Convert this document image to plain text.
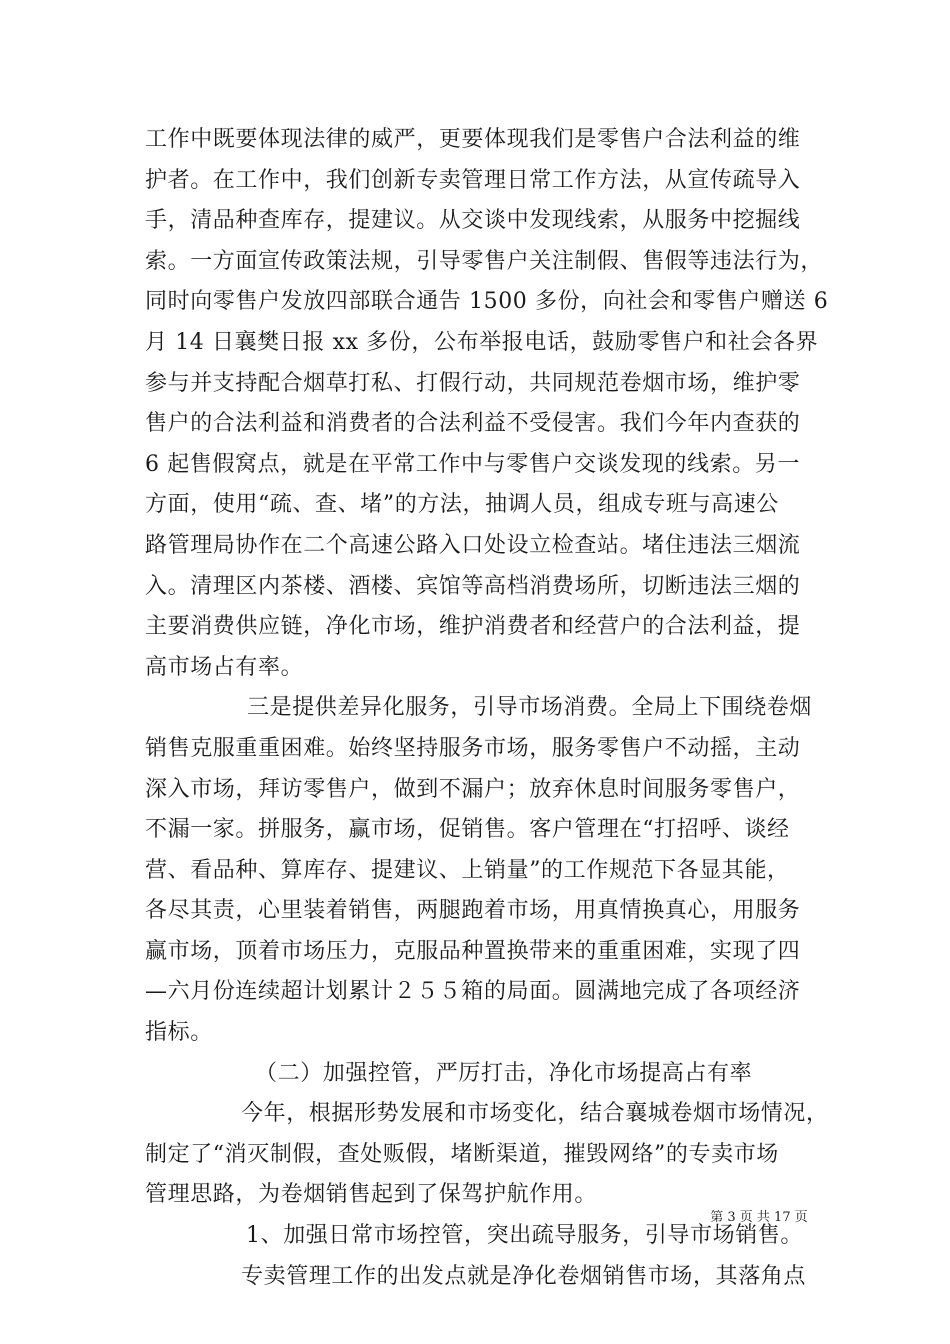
工作中既要体现法律的威严，更要体现我们是零售户合法利益的维
护者。在工作中，我们创新专卖管理日常工作方法，从宣传疏导入
手，清品种查库存，提建议。从交谈中发现线索，从服务中挖掘线
索。一方面宣传政策法规，引导零售户关注制假、售假等违法行为，
同时向零售户发放四部联合通告 1500 多份，向社会和零售户赠送 6
月 14 日襄樊日报 xx 多份，公布举报电话，鼓励零售户和社会各界
参与并支持配合烟草打私、打假行动，共同规范卷烟市场，维护零
售户的合法利益和消费者的合法利益不受侵害。我们今年内查获的
6 起售假窝点，就是在平常工作中与零售户交谈发现的线索。另一
方面，使用“疏、查、堵”的方法，抽调人员，组成专班与高速公
路管理局协作在二个高速公路入口处设立检查站。堵住违法三烟流
入。清理区内茶楼、酒楼、宾馆等高档消费场所，切断违法三烟的
主要消费供应链，净化市场，维护消费者和经营户的合法利益，提
高市场占有率。
三是提供差异化服务，引导市场消费。全局上下围绕卷烟
销售克服重重困难。始终坚持服务市场，服务零售户不动摇，主动
深入市场，拜访零售户，做到不漏户；放弃休息时间服务零售户，
不漏一家。拼服务，赢市场，促销售。客户管理在“打招呼、谈经
营、看品种、算库存、提建议、上销量”的工作规范下各显其能，
各尽其责，心里装着销售，两腿跑着市场，用真情换真心，用服务
赢市场，顶着市场压力，克服品种置换带来的重重困难，实现了四
—六月份连续超计划累计２５５箱的局面。圆满地完成了各项经济
指标。
（二）加强控管，严厉打击，净化市场提高占有率
今年，根据形势发展和市场变化，结合襄城卷烟市场情况，
制定了“消灭制假，查处贩假，堵断渠道，摧毁网络”的专卖市场
管理思路，为卷烟销售起到了保驾护航作用。
1、加强日常市场控管，突出疏导服务，引导市场销售。
专卖管理工作的出发点就是净化卷烟销售市场，其落角点
第 3 页 共 17 页
